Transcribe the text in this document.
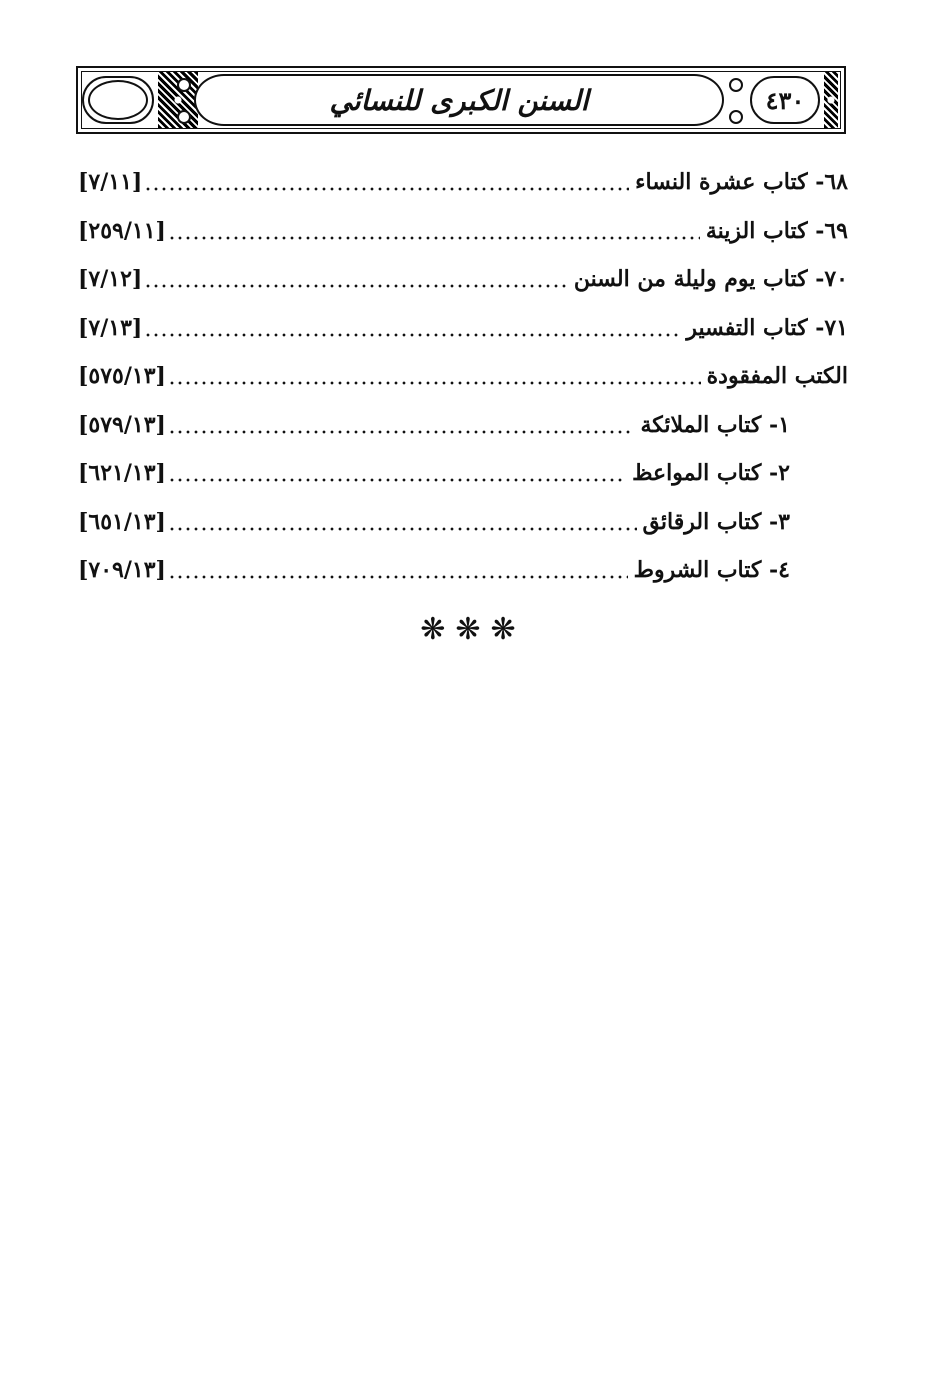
السنن الكبرى للنسائي	٤٣٠
٦٨- كتاب عشرة النساء
[٧/١١]
٦٩- كتاب الزينة
[٢٥٩/١١]
٧٠- كتاب يوم وليلة من السنن
[٧/١٢]
٧١- كتاب التفسير
[٧/١٣]
الكتب المفقودة
[٥٧٥/١٣]
١- كتاب الملائكة
[٥٧٩/١٣]
٢- كتاب المواعظ
[٦٢١/١٣]
٣- كتاب الرقائق
[٦٥١/١٣]
٤- كتاب الشروط
[٧٠٩/١٣]
❋❋❋
